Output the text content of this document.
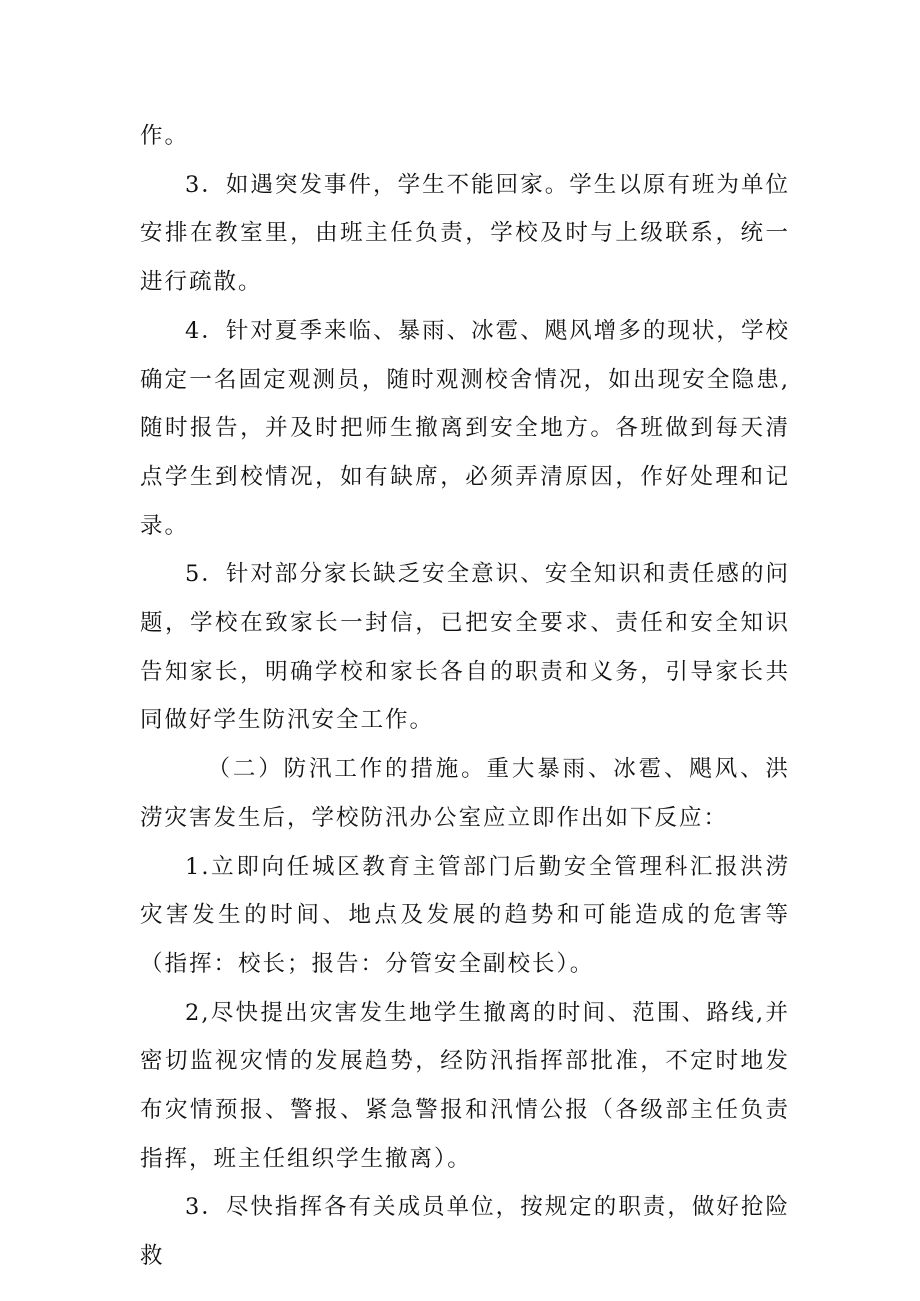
作。

3．如遇突发事件，学生不能回家。学生以原有班为单位安排在教室里，由班主任负责，学校及时与上级联系，统一进行疏散。

4．针对夏季来临、暴雨、冰雹、飓风增多的现状，学校确定一名固定观测员，随时观测校舍情况，如出现安全隐患,随时报告，并及时把师生撤离到安全地方。各班做到每天清点学生到校情况，如有缺席，必须弄清原因，作好处理和记录。

5．针对部分家长缺乏安全意识、安全知识和责任感的问题，学校在致家长一封信，已把安全要求、责任和安全知识告知家长，明确学校和家长各自的职责和义务，引导家长共同做好学生防汛安全工作。

（二）防汛工作的措施。重大暴雨、冰雹、飓风、洪涝灾害发生后，学校防汛办公室应立即作出如下反应：

1.立即向任城区教育主管部门后勤安全管理科汇报洪涝灾害发生的时间、地点及发展的趋势和可能造成的危害等（指挥：校长；报告：分管安全副校长）。

2,尽快提出灾害发生地学生撤离的时间、范围、路线,并密切监视灾情的发展趋势，经防汛指挥部批准，不定时地发布灾情预报、警报、紧急警报和汛情公报（各级部主任负责指挥，班主任组织学生撤离）。

3．尽快指挥各有关成员单位，按规定的职责，做好抢险救
